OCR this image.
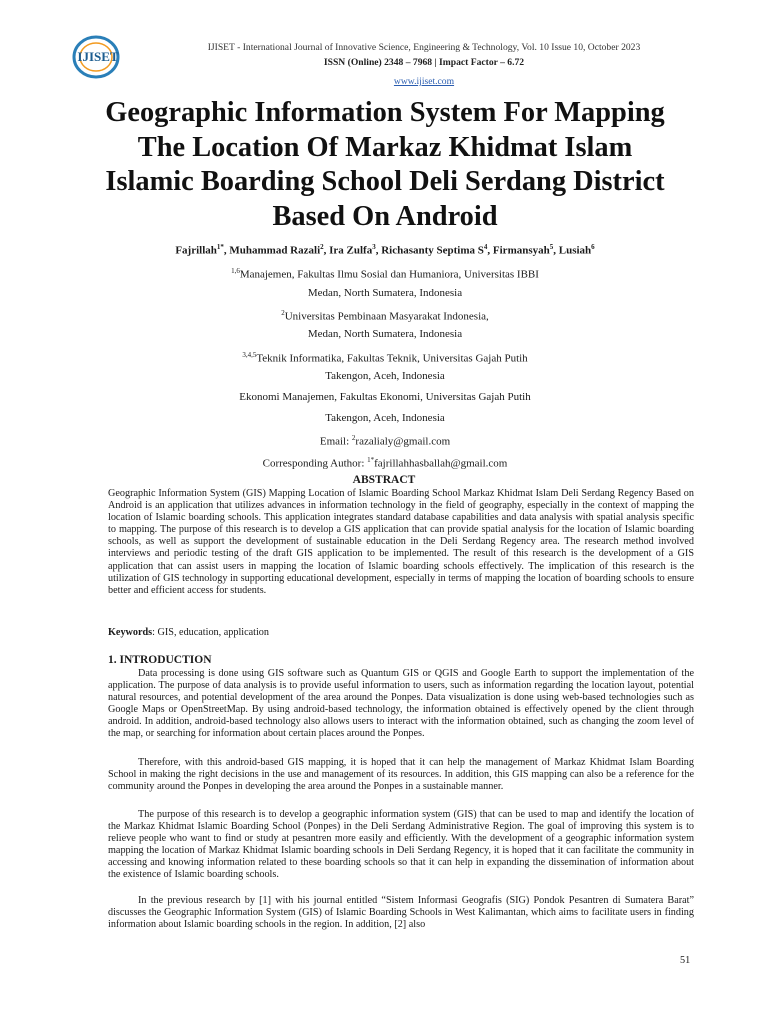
IJISET
IJISET - International Journal of Innovative Science, Engineering & Technology, Vol. 10 Issue 10, October 2023
ISSN (Online) 2348 – 7968 | Impact Factor – 6.72
www.ijiset.com
Geographic Information System For Mapping The Location Of Markaz Khidmat Islam Islamic Boarding School Deli Serdang District Based On Android
Fajrillah$^{1*}$, Muhammad Razali$^2$, Ira Zulfa$^3$, Richasanty Septima $S^4$, Firmansyah$^5$, Lusiah$^6$
$^{1,6}$Manajemen, Fakultas Ilmu Sosial dan Humaniora, Universitas IBBI
Medan, North Sumatera, Indonesia
$^2$Universitas Pembinaan Masyarakat Indonesia,
Medan, North Sumatera, Indonesia
$^{3,4,5}$Teknik Informatika, Fakultas Teknik, Universitas Gajah Putih
Takengon, Aceh, Indonesia
Ekonomi Manajemen, Fakultas Ekonomi, Universitas Gajah Putih
Takengon, Aceh, Indonesia
Email: $^2$razalialy@gmail.com
Corresponding Author: $^{1*}$fajrillahhasballah@gmail.com
ABSTRACT
Geographic Information System (GIS) Mapping Location of Islamic Boarding School Markaz Khidmat Islam Deli Serdang Regency Based on Android is an application that utilizes advances in information technology in the field of geography, especially in the context of mapping the location of Islamic boarding schools. This application integrates standard database capabilities and data analysis with spatial analysis specific to mapping. The purpose of this research is to develop a GIS application that can provide spatial analysis for the location of Islamic boarding schools, as well as support the development of sustainable education in the Deli Serdang Regency area. The research method involved interviews and periodic testing of the draft GIS application to be implemented. The result of this research is the development of a GIS application that can assist users in mapping the location of Islamic boarding schools effectively. The implication of this research is the utilization of GIS technology in supporting educational development, especially in terms of mapping the location of boarding schools to ensure better and efficient access for students.
Keywords: GIS, education, application
1. INTRODUCTION
Data processing is done using GIS software such as Quantum GIS or QGIS and Google Earth to support the implementation of the application. The purpose of data analysis is to provide useful information to users, such as information regarding the location layout, potential natural resources, and potential development of the area around the Ponpes. Data visualization is done using web-based technologies such as Google Maps or OpenStreetMap. By using android-based technology, the information obtained is effectively opened by the client through android. In addition, android-based technology also allows users to interact with the information obtained, such as changing the zoom level of the map, or searching for information about certain places around the Ponpes.
Therefore, with this android-based GIS mapping, it is hoped that it can help the management of Markaz Khidmat Islam Boarding School in making the right decisions in the use and management of its resources. In addition, this GIS mapping can also be a reference for the community around the Ponpes in developing the area around the Ponpes in a sustainable manner.
The purpose of this research is to develop a geographic information system (GIS) that can be used to map and identify the location of the Markaz Khidmat Islamic Boarding School (Ponpes) in the Deli Serdang Administrative Region. The goal of improving this system is to relieve people who want to find or study at pesantren more easily and efficiently. With the development of a geographic information system mapping the location of Markaz Khidmat Islamic boarding schools in Deli Serdang Regency, it is hoped that it can facilitate the community in accessing and knowing information related to these boarding schools so that it can help in expanding the dissemination of information about the existence of Islamic boarding schools.
In the previous research by [1] with his journal entitled “Sistem Informasi Geografis (SIG) Pondok Pesantren di Sumatera Barat” discusses the Geographic Information System (GIS) of Islamic Boarding Schools in West Kalimantan, which aims to facilitate users in finding information about Islamic boarding schools in the region. In addition, [2] also
51
